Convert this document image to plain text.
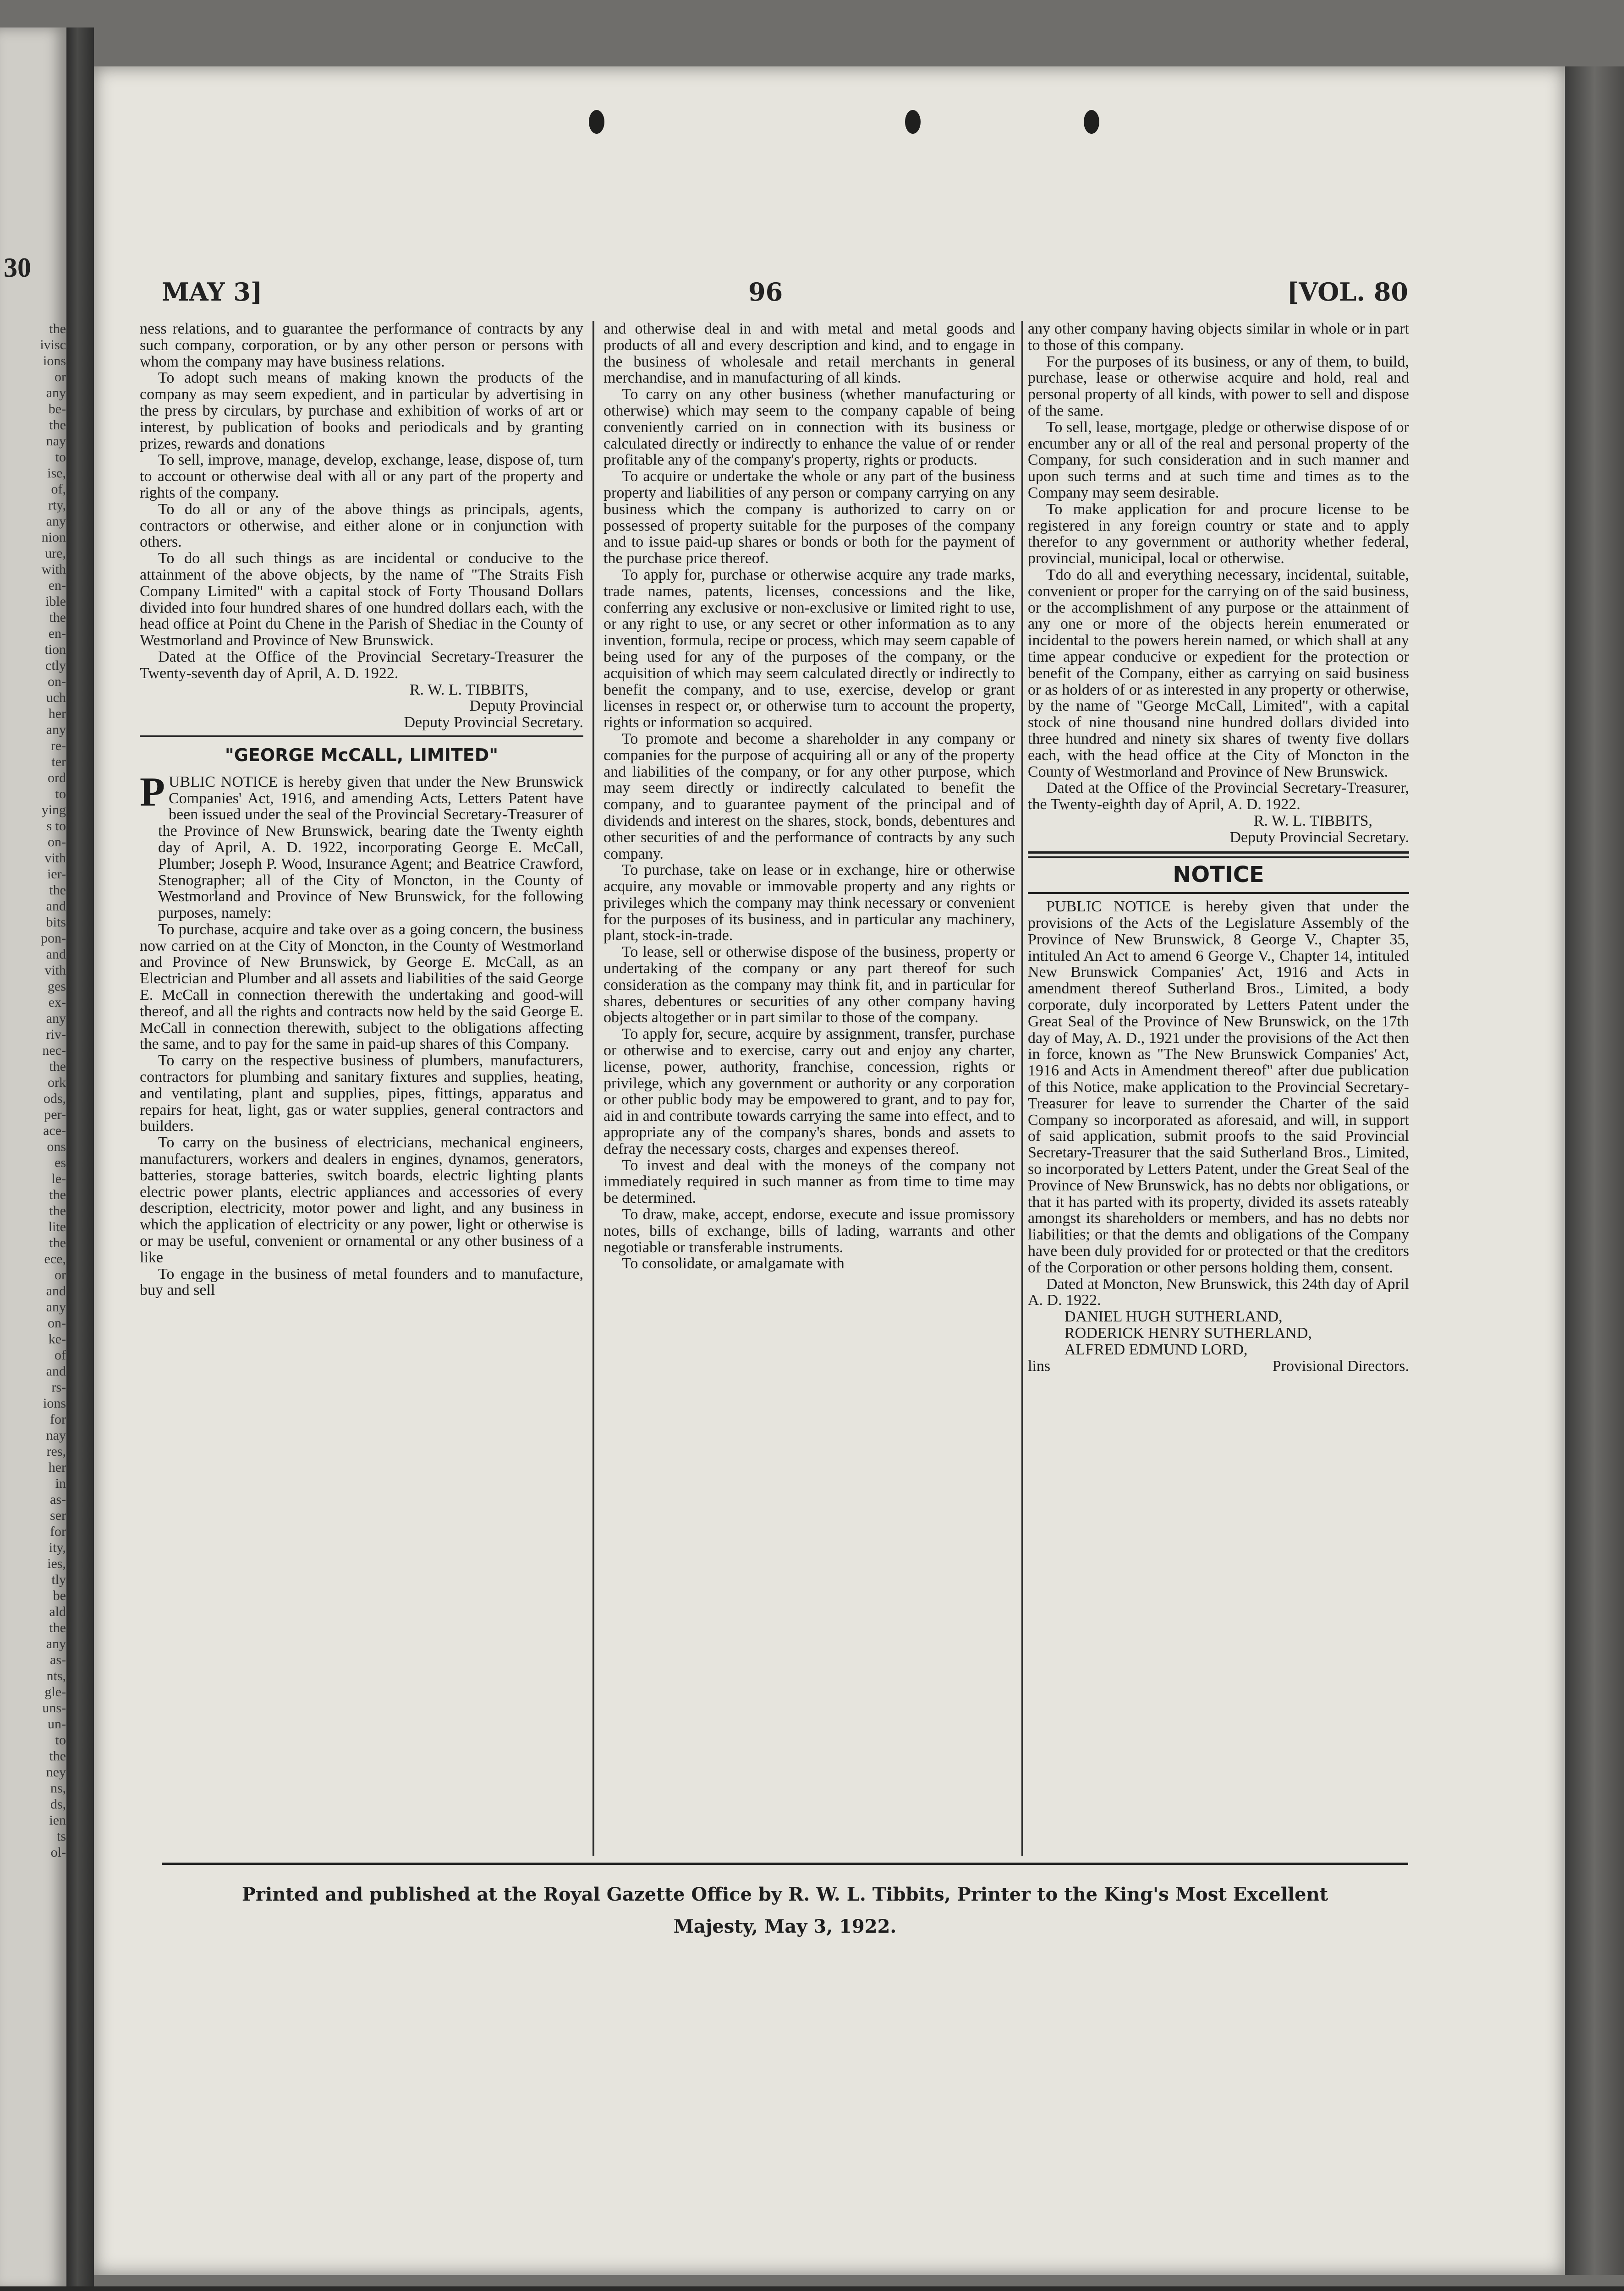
30
the
ivisc
ions
or
any
be-
the
nay
to
ise,
of,
rty,
any
nion
ure,
with
en-
ible
the
en-
tion
ctly
on-
uch
her
any
re-
ter
ord
to
ying
s to
on-
vith
ier-
the
and
bits
pon-
and
vith
ges
ex-
any
riv-
nec-
the
ork
ods,
per-
ace-
ons
es
le-
the
the
lite
the
ece,
or
and
any
on-
ke-
of
and
rs-
ions
for
nay
res,
her
in
as-
ser
for
ity,
ies,
tly
be
ald
the
any
as-
nts,
gle-
uns-
un-
to
the
ney
ns,
ds,
ien
ts
ol-
MAY 3]	96	[VOL. 80

ness relations, and to guarantee the performance of contracts by any such company, corporation, or by any other person or persons with whom the company may have business relations.

To adopt such means of making known the products of the company as may seem expedient, and in particular by advertising in the press by circulars, by purchase and exhibition of works of art or interest, by publication of books and periodicals and by granting prizes, rewards and donations

To sell, improve, manage, develop, exchange, lease, dispose of, turn to account or otherwise deal with all or any part of the property and rights of the company.

To do all or any of the above things as principals, agents, contractors or otherwise, and either alone or in conjunction with others.

To do all such things as are incidental or conducive to the attainment of the above objects, by the name of "The Straits Fish Company Limited" with a capital stock of Forty Thousand Dollars divided into four hundred shares of one hundred dollars each, with the head office at Point du Chene in the Parish of Shediac in the County of Westmorland and Province of New Brunswick.

Dated at the Office of the Provincial Secretary-Treasurer the Twenty-seventh day of April, A. D. 1922.

R. W. L. TIBBITS,

Deputy Provincial

Deputy Provincial Secretary.

"GEORGE McCALL, LIMITED"

PUBLIC NOTICE is hereby given that under the New Brunswick Companies' Act, 1916, and amending Acts, Letters Patent have been issued under the seal of the Provincial Secretary-Treasurer of the Province of New Brunswick, bearing date the Twenty eighth day of April, A. D. 1922, incorporating George E. McCall, Plumber; Joseph P. Wood, Insurance Agent; and Beatrice Crawford, Stenographer; all of the City of Moncton, in the County of Westmorland and Province of New Brunswick, for the following purposes, namely:

To purchase, acquire and take over as a going concern, the business now carried on at the City of Moncton, in the County of Westmorland and Province of New Brunswick, by George E. McCall, as an Electrician and Plumber and all assets and liabilities of the said George E. McCall in connection therewith the undertaking and good-will thereof, and all the rights and contracts now held by the said George E. McCall in connection therewith, subject to the obligations affecting the same, and to pay for the same in paid-up shares of this Company.

To carry on the respective business of plumbers, manufacturers, contractors for plumbing and sanitary fixtures and supplies, heating, and ventilating, plant and supplies, pipes, fittings, apparatus and repairs for heat, light, gas or water supplies, general contractors and builders.

To carry on the business of electricians, mechanical engineers, manufacturers, workers and dealers in engines, dynamos, generators, batteries, storage batteries, switch boards, electric lighting plants electric power plants, electric appliances and accessories of every description, electricity, motor power and light, and any business in which the application of electricity or any power, light or otherwise is or may be useful, convenient or ornamental or any other business of a like

To engage in the business of metal founders and to manufacture, buy and sell

and otherwise deal in and with metal and metal goods and products of all and every description and kind, and to engage in the business of wholesale and retail merchants in general merchandise, and in manufacturing of all kinds.

To carry on any other business (whether manufacturing or otherwise) which may seem to the company capable of being conveniently carried on in connection with its business or calculated directly or indirectly to enhance the value of or render profitable any of the company's property, rights or products.

To acquire or undertake the whole or any part of the business property and liabilities of any person or company carrying on any business which the company is authorized to carry on or possessed of property suitable for the purposes of the company and to issue paid-up shares or bonds or both for the payment of the purchase price thereof.

To apply for, purchase or otherwise acquire any trade marks, trade names, patents, licenses, concessions and the like, conferring any exclusive or non-exclusive or limited right to use, or any right to use, or any secret or other information as to any invention, formula, recipe or process, which may seem capable of being used for any of the purposes of the company, or the acquisition of which may seem calculated directly or indirectly to benefit the company, and to use, exercise, develop or grant licenses in respect or, or otherwise turn to account the property, rights or information so acquired.

To promote and become a shareholder in any company or companies for the purpose of acquiring all or any of the property and liabilities of the company, or for any other purpose, which may seem directly or indirectly calculated to benefit the company, and to guarantee payment of the principal and of dividends and interest on the shares, stock, bonds, debentures and other securities of and the performance of contracts by any such company.

To purchase, take on lease or in exchange, hire or otherwise acquire, any movable or immovable property and any rights or privileges which the company may think necessary or convenient for the purposes of its business, and in particular any machinery, plant, stock-in-trade.

To lease, sell or otherwise dispose of the business, property or undertaking of the company or any part thereof for such consideration as the company may think fit, and in particular for shares, debentures or securities of any other company having objects altogether or in part similar to those of the company.

To apply for, secure, acquire by assignment, transfer, purchase or otherwise and to exercise, carry out and enjoy any charter, license, power, authority, franchise, concession, rights or privilege, which any government or authority or any corporation or other public body may be empowered to grant, and to pay for, aid in and contribute towards carrying the same into effect, and to appropriate any of the company's shares, bonds and assets to defray the necessary costs, charges and expenses thereof.

To invest and deal with the moneys of the company not immediately required in such manner as from time to time may be determined.

To draw, make, accept, endorse, execute and issue promissory notes, bills of exchange, bills of lading, warrants and other negotiable or transferable instruments.

To consolidate, or amalgamate with

any other company having objects similar in whole or in part to those of this company.

For the purposes of its business, or any of them, to build, purchase, lease or otherwise acquire and hold, real and personal property of all kinds, with power to sell and dispose of the same.

To sell, lease, mortgage, pledge or otherwise dispose of or encumber any or all of the real and personal property of the Company, for such consideration and in such manner and upon such terms and at such time and times as to the Company may seem desirable.

To make application for and procure license to be registered in any foreign country or state and to apply therefor to any government or authority whether federal, provincial, municipal, local or otherwise.

Tdo do all and everything necessary, incidental, suitable, convenient or proper for the carrying on of the said business, or the accomplishment of any purpose or the attainment of any one or more of the objects herein enumerated or incidental to the powers herein named, or which shall at any time appear conducive or expedient for the protection or benefit of the Company, either as carrying on said business or as holders of or as interested in any property or otherwise, by the name of "George McCall, Limited", with a capital stock of nine thousand nine hundred dollars divided into three hundred and ninety six shares of twenty five dollars each, with the head office at the City of Moncton in the County of Westmorland and Province of New Brunswick.

Dated at the Office of the Provincial Secretary-Treasurer, the Twenty-eighth day of April, A. D. 1922.

R. W. L. TIBBITS,

Deputy Provincial Secretary.

NOTICE

PUBLIC NOTICE is hereby given that under the provisions of the Acts of the Legislature Assembly of the Province of New Brunswick, 8 George V., Chapter 35, intituled An Act to amend 6 George V., Chapter 14, intituled New Brunswick Companies' Act, 1916 and Acts in amendment thereof Sutherland Bros., Limited, a body corporate, duly incorporated by Letters Patent under the Great Seal of the Province of New Brunswick, on the 17th day of May, A. D., 1921 under the provisions of the Act then in force, known as "The New Brunswick Companies' Act, 1916 and Acts in Amendment thereof" after due publication of this Notice, make application to the Provincial Secretary-Treasurer for leave to surrender the Charter of the said Company so incorporated as aforesaid, and will, in support of said application, submit proofs to the said Provincial Secretary-Treasurer that the said Sutherland Bros., Limited, so incorporated by Letters Patent, under the Great Seal of the Province of New Brunswick, has no debts nor obligations, or that it has parted with its property, divided its assets rateably amongst its shareholders or members, and has no debts nor liabilities; or that the demts and obligations of the Company have been duly provided for or protected or that the creditors of the Corporation or other persons holding them, consent.

Dated at Moncton, New Brunswick, this 24th day of April A. D. 1922.

DANIEL HUGH SUTHERLAND,

RODERICK HENRY SUTHERLAND,

ALFRED EDMUND LORD,

lins	Provisional Directors.

Printed and published at the Royal Gazette Office by R. W. L. Tibbits, Printer to the King's Most Excellent
Majesty, May 3, 1922.
